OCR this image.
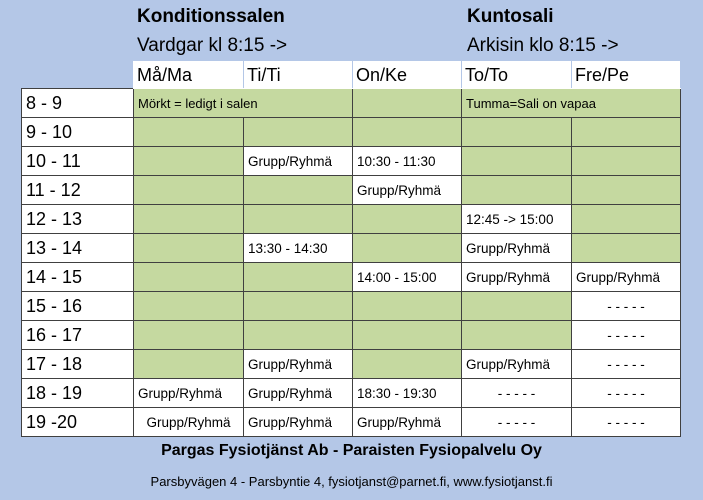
Konditionssalen
Vardgar kl 8:15 ->
Kuntosali
Arkisin klo 8:15 ->
	Må/Ma	Ti/Ti	On/Ke	To/To	Fre/Pe
8 - 9	Mörkt = ledigt i salen			Tumma=Sali on vapaa	
9 - 10					
10 - 11		Grupp/Ryhmä	10:30 - 11:30		
11 - 12			Grupp/Ryhmä		
12 - 13				12:45 -> 15:00	
13 - 14		13:30 - 14:30		Grupp/Ryhmä	
14 - 15			14:00 - 15:00	Grupp/Ryhmä	Grupp/Ryhmä
15 - 16					- - - - -
16 - 17					- - - - -
17 - 18		Grupp/Ryhmä		Grupp/Ryhmä	- - - - -
18 - 19	Grupp/Ryhmä	Grupp/Ryhmä	18:30 - 19:30	- - - - -	- - - - -
19 -20	Grupp/Ryhmä	Grupp/Ryhmä	Grupp/Ryhmä	- - - - -	- - - - -
Pargas Fysiotjänst Ab - Paraisten Fysiopalvelu Oy
Parsbyvägen 4 - Parsbyntie 4, fysiotjanst@parnet.fi, www.fysiotjanst.fi
